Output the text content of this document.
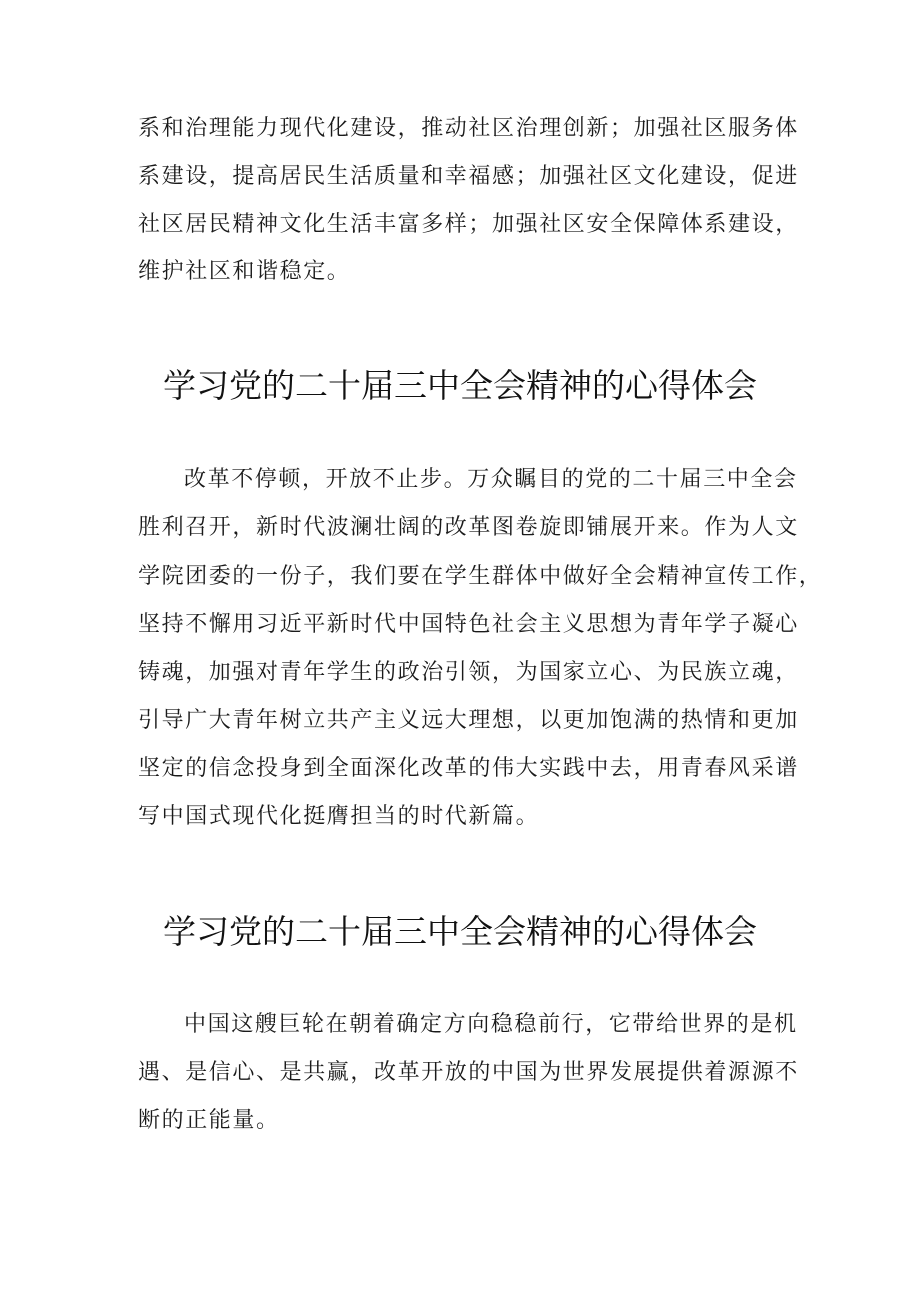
系和治理能力现代化建设，推动社区治理创新；加强社区服务体
系建设，提高居民生活质量和幸福感；加强社区文化建设，促进
社区居民精神文化生活丰富多样；加强社区安全保障体系建设，
维护社区和谐稳定。
学习党的二十届三中全会精神的心得体会
改革不停顿，开放不止步。万众瞩目的党的二十届三中全会
胜利召开，新时代波澜壮阔的改革图卷旋即铺展开来。作为人文
学院团委的一份子，我们要在学生群体中做好全会精神宣传工作，
坚持不懈用习近平新时代中国特色社会主义思想为青年学子凝心
铸魂，加强对青年学生的政治引领，为国家立心、为民族立魂，
引导广大青年树立共产主义远大理想，以更加饱满的热情和更加
坚定的信念投身到全面深化改革的伟大实践中去，用青春风采谱
写中国式现代化挺膺担当的时代新篇。
学习党的二十届三中全会精神的心得体会
中国这艘巨轮在朝着确定方向稳稳前行，它带给世界的是机
遇、是信心、是共赢，改革开放的中国为世界发展提供着源源不
断的正能量。
